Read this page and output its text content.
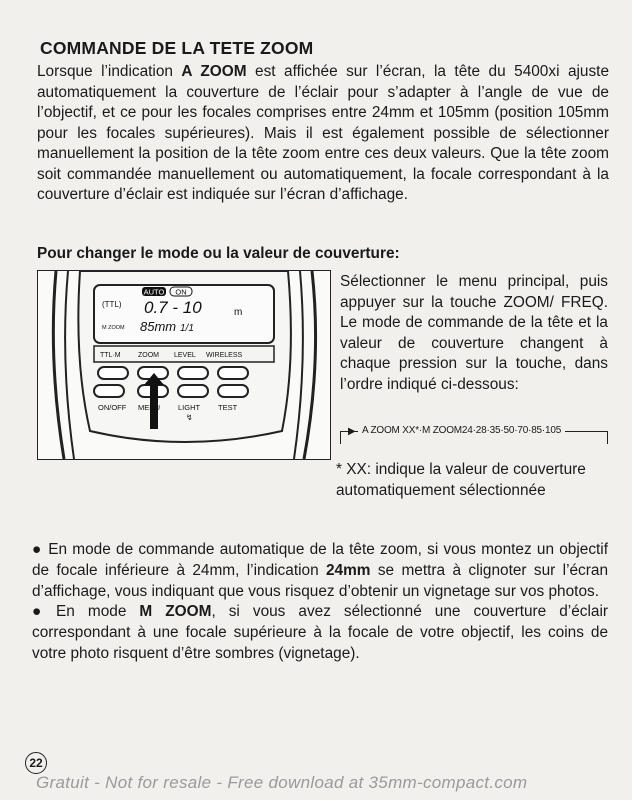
COMMANDE DE LA TETE ZOOM

Lorsque l’indication A ZOOM est affichée sur l’écran, la tête du 5400xi ajuste automatiquement la couverture de l’éclair pour s’adapter à l’angle de vue de l’objectif, et ce pour les focales comprises entre 24mm et 105mm (position 105mm pour les focales supérieures). Mais il est également possible de sélectionner manuellement la position de la tête zoom entre ces deux valeurs. Que la tête zoom soit commandée manuellement ou automatiquement, la focale correspondant à la couverture d’éclair est indiquée sur l’écran d’affichage.

Pour changer le mode ou la valeur de couverture:
AUTO ON
(TTL) 0.7 - 10	m
M ZOOM 85mm 1/1
TTL·M ZOOM LEVEL WIRELESS
ON/OFF MENU LIGHT TEST
↯

Sélectionner le menu principal, puis appuyer sur la touche ZOOM/ FREQ. Le mode de commande de la tête et la valeur de couverture changent à chaque pression sur la touche, dans l’ordre indiqué ci-dessous:

▶ A ZOOM XX*·M ZOOM24·28·35·50·70·85·105

* XX: indique la valeur de couverture automatiquement sélectionnée

● En mode de commande automatique de la tête zoom, si vous montez un objectif de focale inférieure à 24mm, l’indication 24mm se mettra à clignoter sur l’écran d’affichage, vous indiquant que vous risquez d’obtenir un vignetage sur vos photos.
● En mode M ZOOM, si vous avez sélectionné une couverture d’éclair correspondant à une focale supérieure à la focale de votre objectif, les coins de votre photo risquent d’être sombres (vignetage).
22
Gratuit - Not for resale - Free download at 35mm-compact.com
